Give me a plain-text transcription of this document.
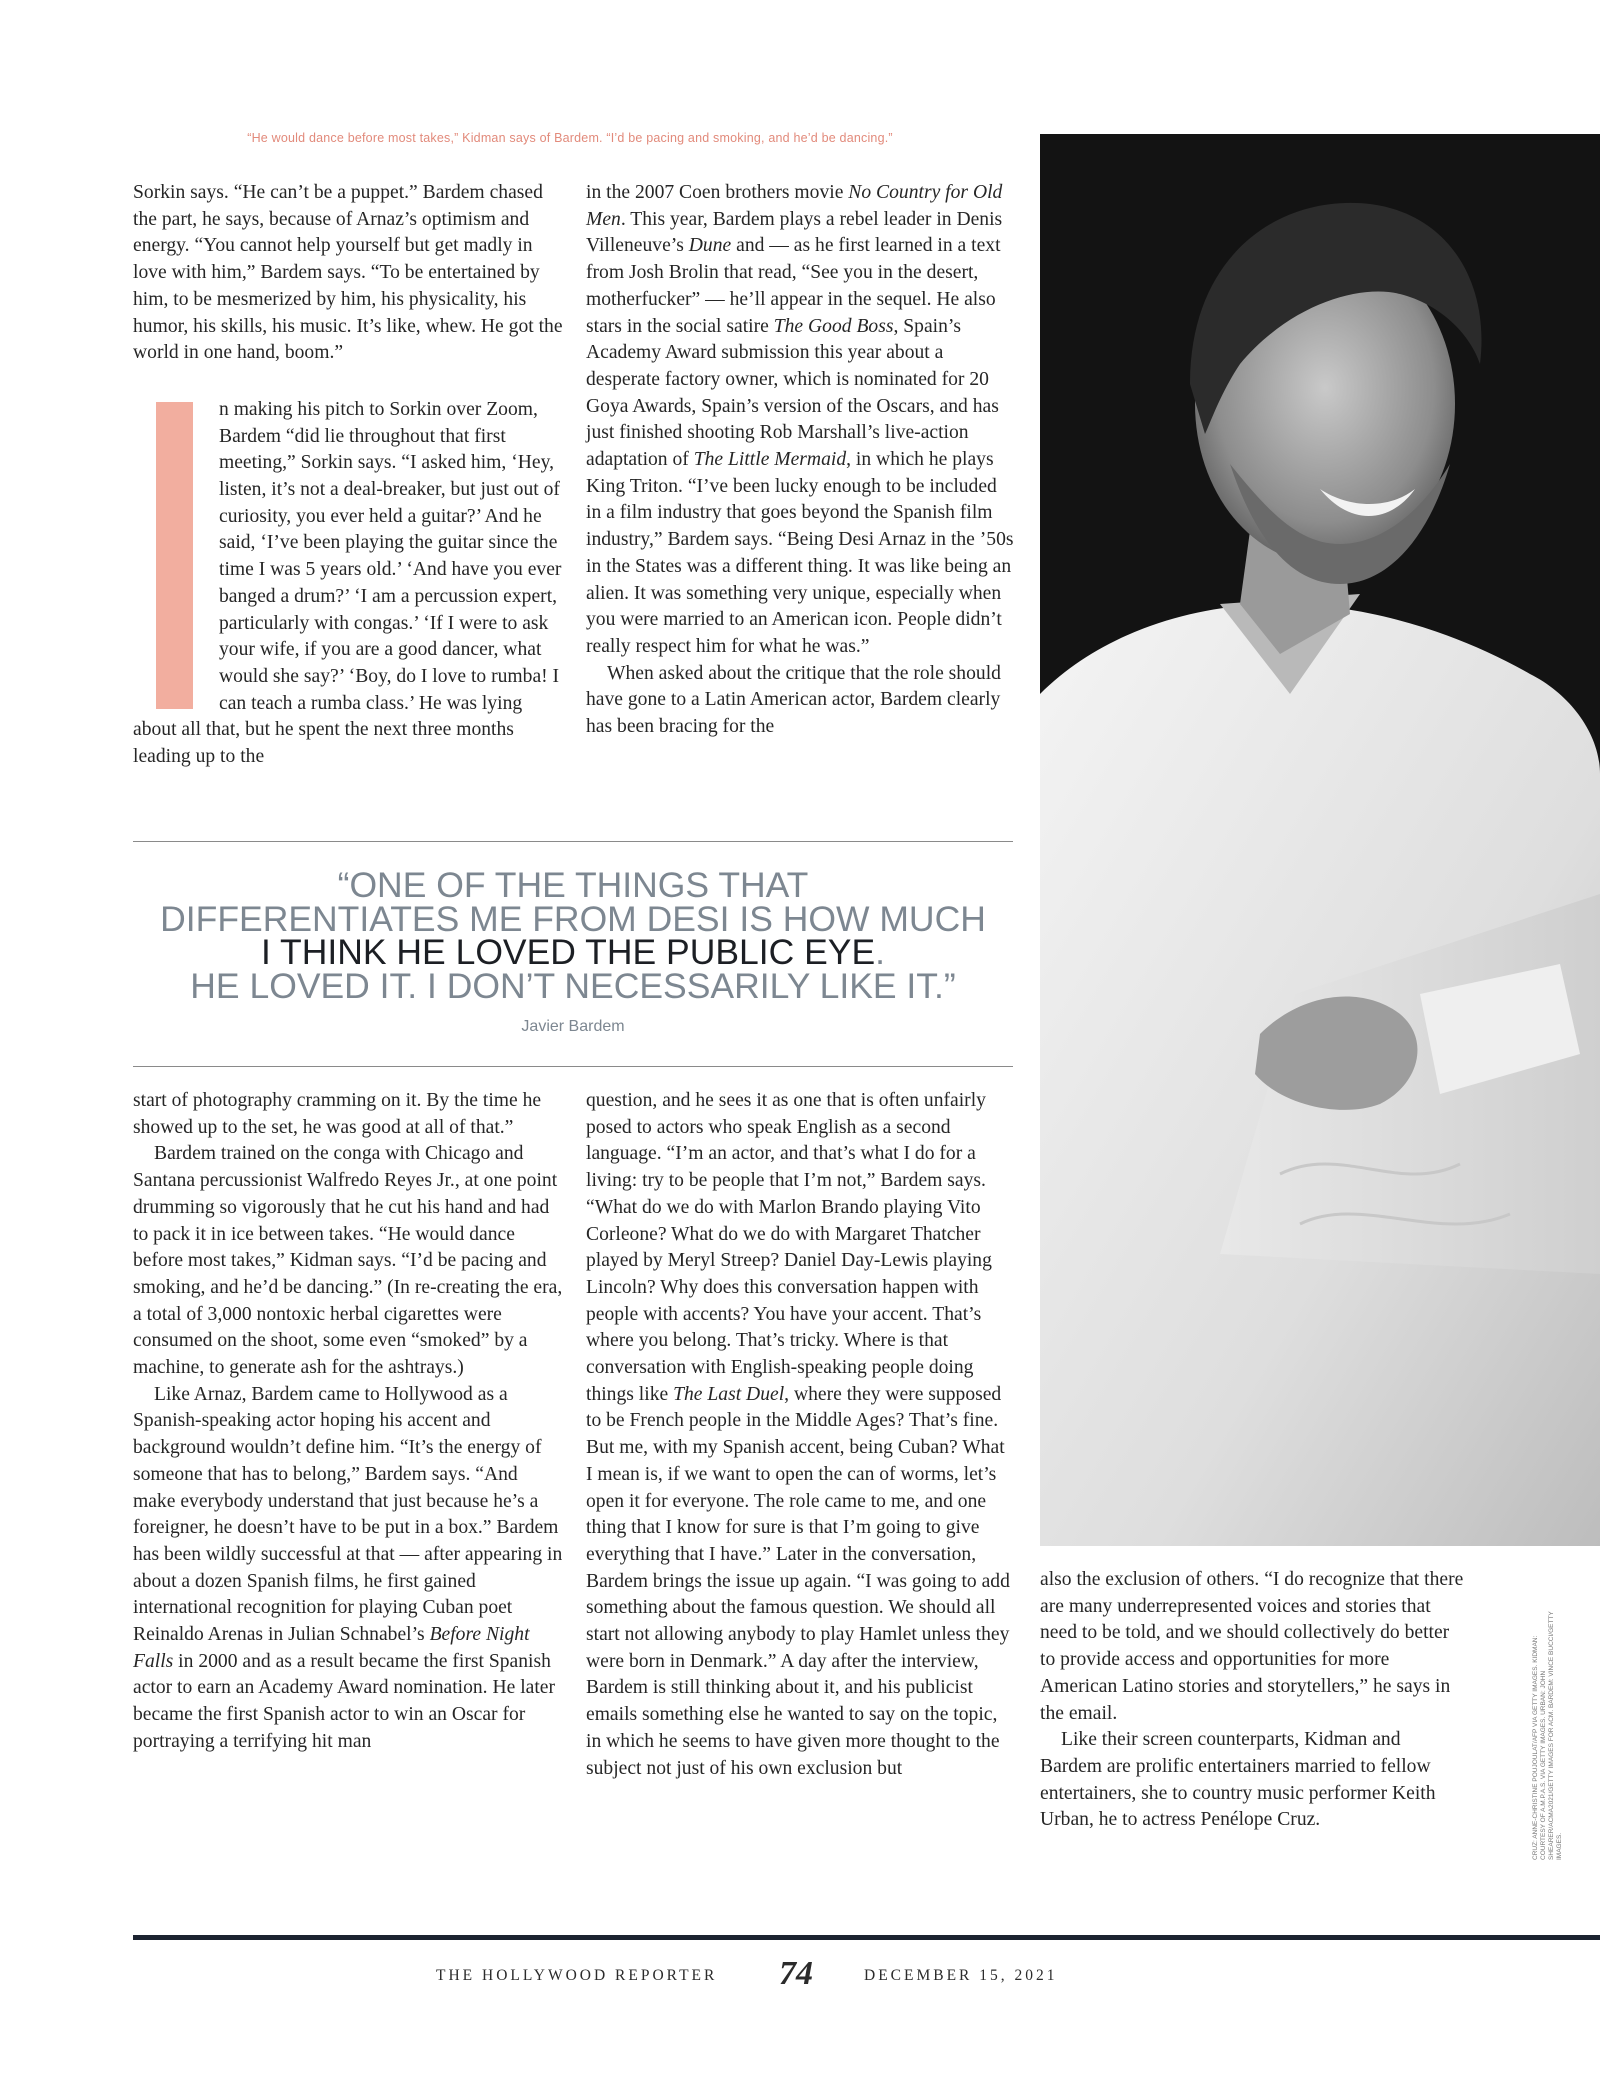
“He would dance before most takes,” Kidman says of Bardem. “I’d be pacing and smoking, and he’d be dancing.”

Sorkin says. “He can’t be a puppet.” Bardem chased the part, he says, because of Arnaz’s optimism and energy. “You cannot help yourself but get madly in love with him,” Bardem says. “To be entertained by him, to be mesmerized by him, his physicality, his humor, his skills, his music. It’s like, whew. He got the world in one hand, boom.”

n making his pitch to Sorkin over Zoom, Bardem “did lie throughout that first meeting,” Sorkin says. “I asked him, ‘Hey, listen, it’s not a deal-breaker, but just out of curiosity, you ever held a guitar?’ And he said, ‘I’ve been playing the guitar since the time I was 5 years old.’ ‘And have you ever banged a drum?’ ‘I am a percussion expert, particularly with congas.’ ‘If I were to ask your wife, if you are a good dancer, what would she say?’ ‘Boy, do I love to rumba! I can teach a rumba class.’ He was lying about all that, but he spent the next three months leading up to the

in the 2007 Coen brothers movie No Country for Old Men. This year, Bardem plays a rebel leader in Denis Villeneuve’s Dune and — as he first learned in a text from Josh Brolin that read, “See you in the desert, motherfucker” — he’ll appear in the sequel. He also stars in the social satire The Good Boss, Spain’s Academy Award submission this year about a desperate factory owner, which is nominated for 20 Goya Awards, Spain’s version of the Oscars, and has just finished shooting Rob Marshall’s live-action adaptation of The Little Mermaid, in which he plays King Triton. “I’ve been lucky enough to be included in a film industry that goes beyond the Spanish film industry,” Bardem says. “Being Desi Arnaz in the ’50s in the States was a different thing. It was like being an alien. It was something very unique, especially when you were married to an American icon. People didn’t really respect him for what he was.”

When asked about the critique that the role should have gone to a Latin American actor, Bardem clearly has been bracing for the

“ONE OF THE THINGS THAT
DIFFERENTIATES ME FROM DESI IS HOW MUCH
I THINK HE LOVED THE PUBLIC EYE.
HE LOVED IT. I DON’T NECESSARILY LIKE IT.”
Javier Bardem

start of photography cramming on it. By the time he showed up to the set, he was good at all of that.”

Bardem trained on the conga with Chicago and Santana percussionist Walfredo Reyes Jr., at one point drumming so vigorously that he cut his hand and had to pack it in ice between takes. “He would dance before most takes,” Kidman says. “I’d be pacing and smoking, and he’d be dancing.” (In re-creating the era, a total of 3,000 nontoxic herbal cigarettes were consumed on the shoot, some even “smoked” by a machine, to generate ash for the ashtrays.)

Like Arnaz, Bardem came to Hollywood as a Spanish-speaking actor hoping his accent and background wouldn’t define him. “It’s the energy of someone that has to belong,” Bardem says. “And make everybody understand that just because he’s a foreigner, he doesn’t have to be put in a box.” Bardem has been wildly successful at that — after appearing in about a dozen Spanish films, he first gained international recognition for playing Cuban poet Reinaldo Arenas in Julian Schnabel’s Before Night Falls in 2000 and as a result became the first Spanish actor to earn an Academy Award nomination. He later became the first Spanish actor to win an Oscar for portraying a terrifying hit man

question, and he sees it as one that is often unfairly posed to actors who speak English as a second language. “I’m an actor, and that’s what I do for a living: try to be people that I’m not,” Bardem says. “What do we do with Marlon Brando playing Vito Corleone? What do we do with Margaret Thatcher played by Meryl Streep? Daniel Day-Lewis playing Lincoln? Why does this conversation happen with people with accents? You have your accent. That’s where you belong. That’s tricky. Where is that conversation with English-speaking people doing things like The Last Duel, where they were supposed to be French people in the Middle Ages? That’s fine. But me, with my Spanish accent, being Cuban? What I mean is, if we want to open the can of worms, let’s open it for everyone. The role came to me, and one thing that I know for sure is that I’m going to give everything that I have.” Later in the conversation, Bardem brings the issue up again. “I was going to add something about the famous question. We should all start not allowing anybody to play Hamlet unless they were born in Denmark.” A day after the interview, Bardem is still thinking about it, and his publicist emails something else he wanted to say on the topic, in which he seems to have given more thought to the subject not just of his own exclusion but

also the exclusion of others. “I do recognize that there are many underrepresented voices and stories that need to be told, and we should collectively do better to provide access and opportunities for more American Latino stories and storytellers,” he says in the email.

Like their screen counterparts, Kidman and Bardem are prolific entertainers married to fellow entertainers, she to country music performer Keith Urban, he to actress Penélope Cruz.	CRUZ: ANNE-CHRISTINE POUJOULAT/AFP VIA GETTY IMAGES. KIDMAN: COURTESY OF A.M.P.A.S. VIA GETTY IMAGES. URBAN: JOHN SHEARER/ACMA2021/GETTY IMAGES FOR ACM. BARDEM: VINCE BUCCI/GETTY IMAGES.
THE HOLLYWOOD REPORTER 74	DECEMBER 15, 2021
